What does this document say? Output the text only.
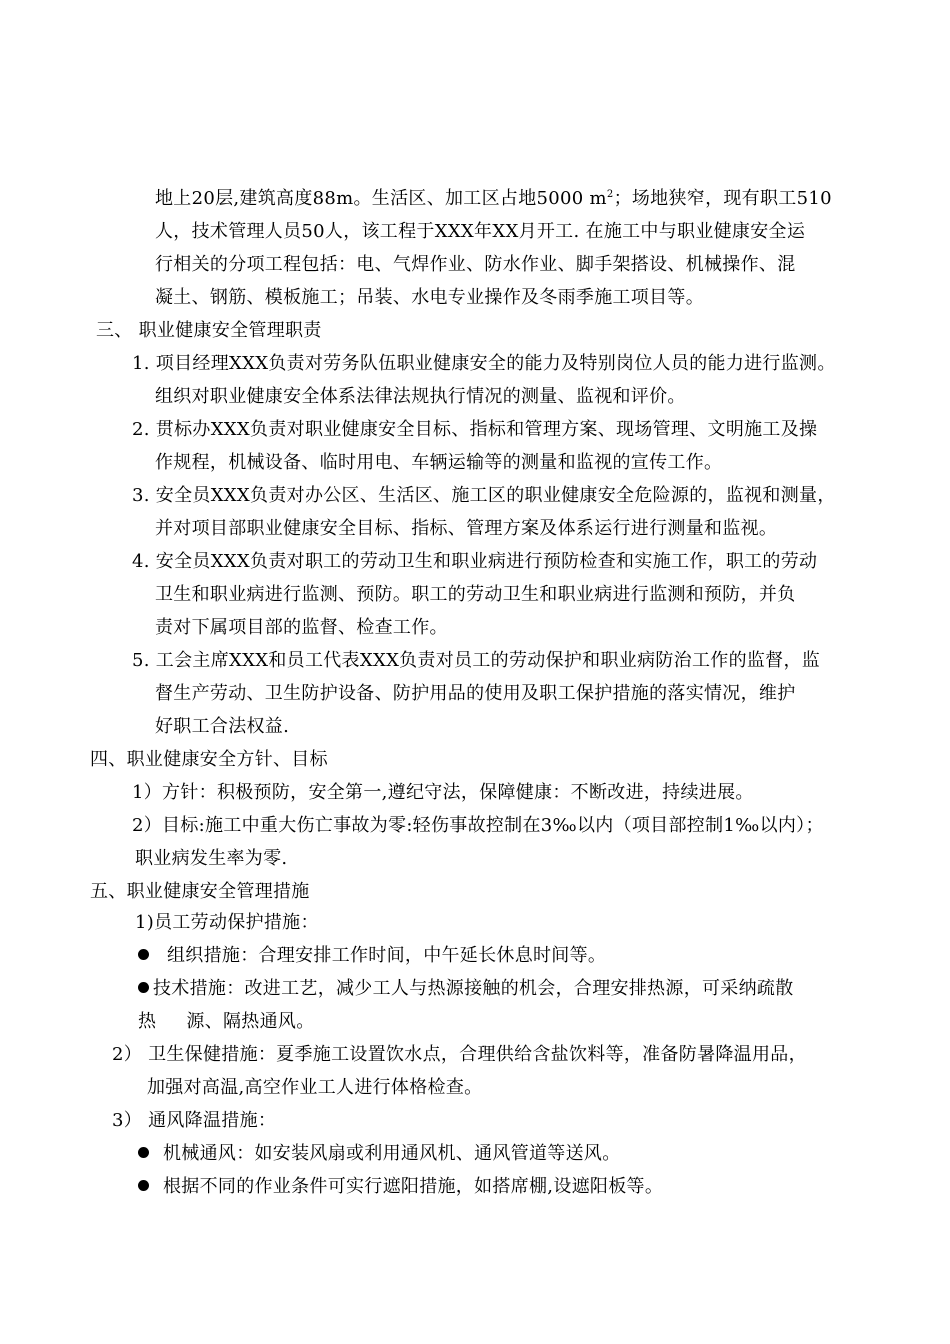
地上20层,建筑高度88m。生活区、加工区占地5000 $m^2$；场地狭窄，现有职工510
人，技术管理人员50人，该工程于XXX年XX月开工. 在施工中与职业健康安全运
行相关的分项工程包括：电、气焊作业、防水作业、脚手架搭设、机械操作、混
凝土、钢筋、模板施工；吊装、水电专业操作及冬雨季施工项目等。
三、 职业健康安全管理职责
1. 项目经理XXX负责对劳务队伍职业健康安全的能力及特别岗位人员的能力进行监测。
组织对职业健康安全体系法律法规执行情况的测量、监视和评价。
2. 贯标办XXX负责对职业健康安全目标、指标和管理方案、现场管理、文明施工及操
作规程，机械设备、临时用电、车辆运输等的测量和监视的宣传工作。
3. 安全员XXX负责对办公区、生活区、施工区的职业健康安全危险源的，监视和测量，
并对项目部职业健康安全目标、指标、管理方案及体系运行进行测量和监视。
4. 安全员XXX负责对职工的劳动卫生和职业病进行预防检查和实施工作，职工的劳动
卫生和职业病进行监测、预防。职工的劳动卫生和职业病进行监测和预防，并负
责对下属项目部的监督、检查工作。
5. 工会主席XXX和员工代表XXX负责对员工的劳动保护和职业病防治工作的监督，监
督生产劳动、卫生防护设备、防护用品的使用及职工保护措施的落实情况，维护
好职工合法权益.
四、职业健康安全方针、目标
1）方针：积极预防，安全第一,遵纪守法，保障健康：不断改进，持续进展。
2）目标:施工中重大伤亡事故为零:轻伤事故控制在3‰以内（项目部控制1‰以内）；
职业病发生率为零.
五、职业健康安全管理措施
1)员工劳动保护措施：
组织措施：合理安排工作时间，中午延长休息时间等。
技术措施：改进工艺，减少工人与热源接触的机会，合理安排热源，可采纳疏散
热     源、隔热通风。
2） 卫生保健措施：夏季施工设置饮水点，合理供给含盐饮料等，准备防暑降温用品，
加强对高温,高空作业工人进行体格检查。
3） 通风降温措施：
机械通风：如安装风扇或利用通风机、通风管道等送风。
根据不同的作业条件可实行遮阳措施，如搭席棚,设遮阳板等。
